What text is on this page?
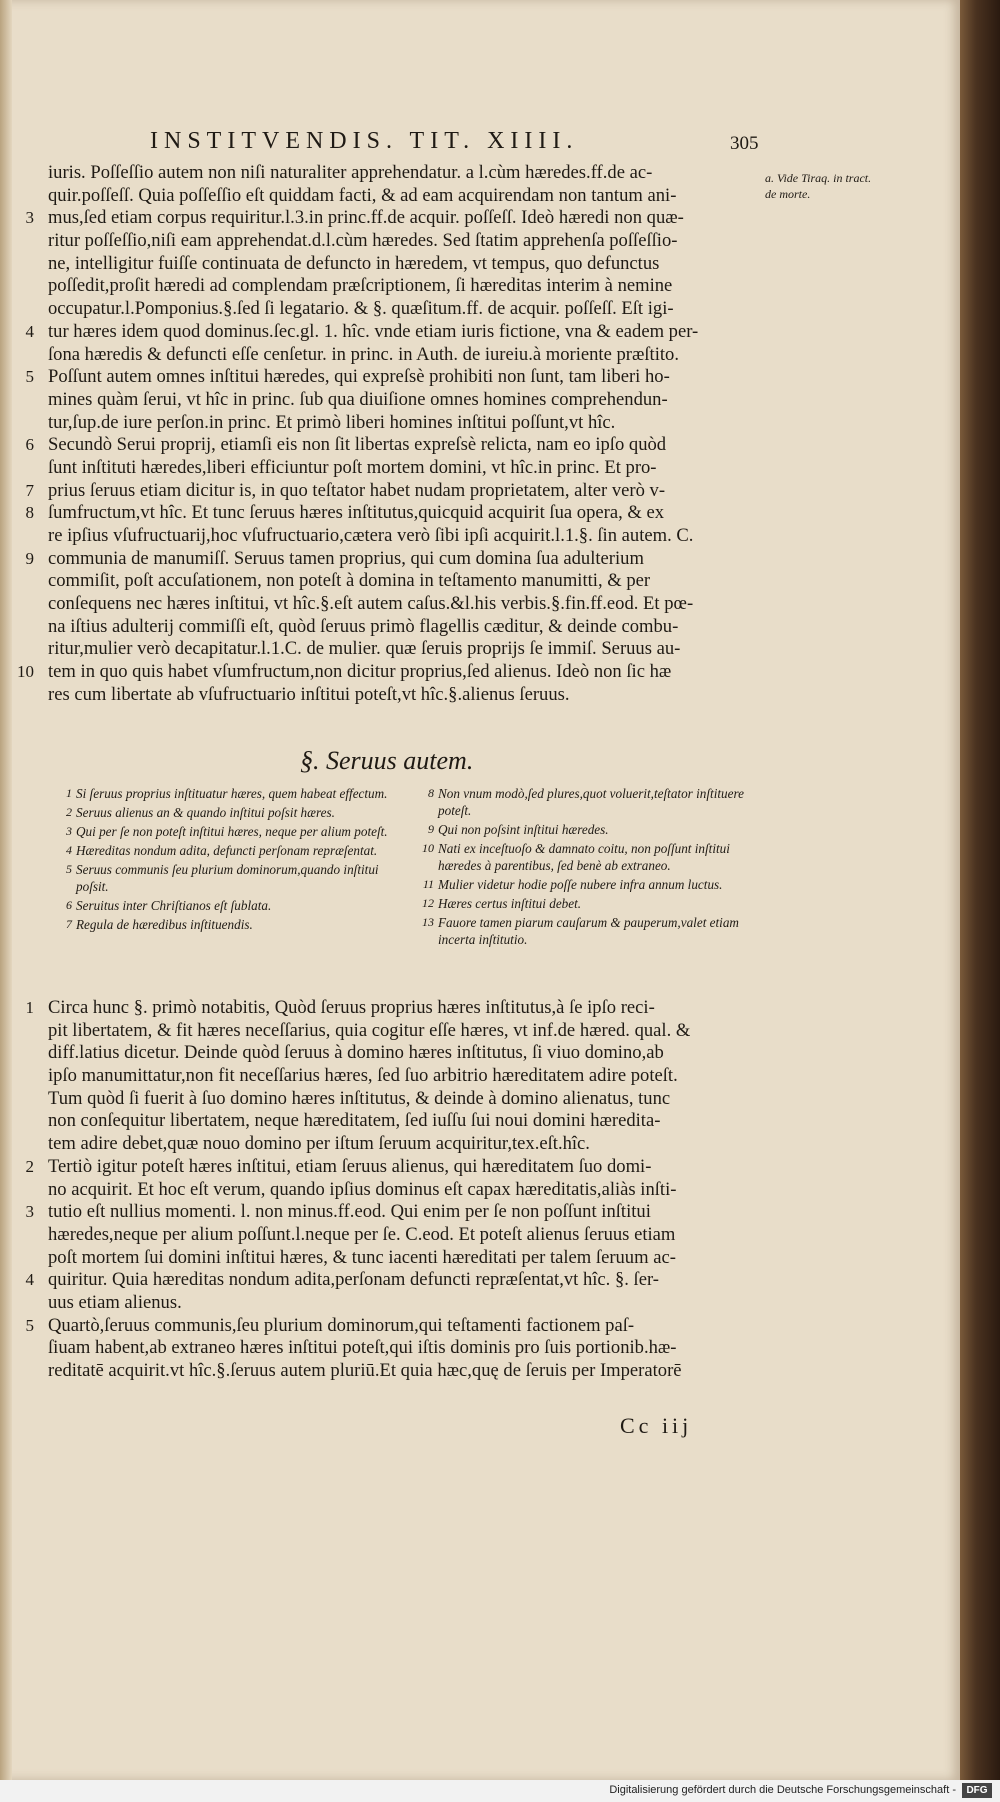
INSTITVENDIS. TIT. XIIII.	305
a. Vide Tiraq. in tract. de morte.
iuris. Poſſeſſio autem non niſi naturaliter apprehendatur. a l.cùm hæredes.ff.de ac-
quir.poſſeſſ. Quia poſſeſſio eſt quiddam facti, & ad eam acquirendam non tantum ani-
3 mus,ſed etiam corpus requiritur.l.3.in princ.ff.de acquir. poſſeſſ. Ideò hæredi non quæ-
ritur poſſeſſio,niſi eam apprehendat.d.l.cùm hæredes. Sed ſtatim apprehenſa poſſeſſio-
ne, intelligitur fuiſſe continuata de defuncto in hæredem, vt tempus, quo defunctus
poſſedit,proſit hæredi ad complendam præſcriptionem, ſi hæreditas interim à nemine
occupatur.l.Pomponius.§.ſed ſi legatario. & §. quæſitum.ff. de acquir. poſſeſſ. Eſt igi-
4 tur hæres idem quod dominus.ſec.gl. 1. hîc. vnde etiam iuris fictione, vna & eadem per-
ſona hæredis & defuncti eſſe cenſetur. in princ. in Auth. de iureiu.à moriente præſtito.
5 Poſſunt autem omnes inſtitui hæredes, qui expreſsè prohibiti non ſunt, tam liberi ho-
mines quàm ſerui, vt hîc in princ. ſub qua diuiſione omnes homines comprehendun-
tur,ſup.de iure perſon.in princ. Et primò liberi homines inſtitui poſſunt,vt hîc.
6 Secundò Serui proprij, etiamſi eis non ſit libertas expreſsè relicta, nam eo ipſo quòd
ſunt inſtituti hæredes,liberi efficiuntur poſt mortem domini, vt hîc.in princ. Et pro-
7 prius ſeruus etiam dicitur is, in quo teſtator habet nudam proprietatem, alter verò v-
8 ſumfructum,vt hîc. Et tunc ſeruus hæres inſtitutus,quicquid acquirit ſua opera, & ex
re ipſius vſufructuarij,hoc vſufructuario,cætera verò ſibi ipſi acquirit.l.1.§. ſin autem. C.
9 communia de manumiſſ. Seruus tamen proprius, qui cum domina ſua adulterium
commiſit, poſt accuſationem, non poteſt à domina in teſtamento manumitti, & per
conſequens nec hæres inſtitui, vt hîc.§.eſt autem caſus.&l.his verbis.§.fin.ff.eod. Et pœ-
na iſtius adulterij commiſſi eſt, quòd ſeruus primò flagellis cæditur, & deinde combu-
ritur,mulier verò decapitatur.l.1.C. de mulier. quæ ſeruis proprijs ſe immiſ. Seruus au-
10 tem in quo quis habet vſumfructum,non dicitur proprius,ſed alienus. Ideò non ſic hæ
res cum libertate ab vſufructuario inſtitui poteſt,vt hîc.§.alienus ſeruus.
§. Seruus autem.
1 Si ſeruus proprius inſtituatur hæres, quem habeat effectum.
2 Seruus alienus an & quando inſtitui poſsit hæres.
3 Qui per ſe non poteſt inſtitui hæres, neque per alium poteſt.
4 Hæreditas nondum adita, defuncti perſonam repræſentat.
5 Seruus communis ſeu plurium dominorum,quando inſtitui poſsit.
6 Seruitus inter Chriſtianos eſt ſublata.
7 Regula de hæredibus inſtituendis.
8 Non vnum modò,ſed plures,quot voluerit,teſtator inſtituere poteſt.
9 Qui non poſsint inſtitui hæredes.
10 Nati ex inceſtuoſo & damnato coitu, non poſſunt inſtitui hæredes à parentibus, ſed benè ab extraneo.
11 Mulier videtur hodie poſſe nubere infra annum luctus.
12 Hæres certus inſtitui debet.
13 Fauore tamen piarum cauſarum & pauperum,valet etiam incerta inſtitutio.
1 Circa hunc §. primò notabitis, Quòd ſeruus proprius hæres inſtitutus,à ſe ipſo reci-
pit libertatem, & fit hæres neceſſarius, quia cogitur eſſe hæres, vt inf.de hæred. qual. &
diff.latius dicetur. Deinde quòd ſeruus à domino hæres inſtitutus, ſi viuo domino,ab
ipſo manumittatur,non fit neceſſarius hæres, ſed ſuo arbitrio hæreditatem adire poteſt.
Tum quòd ſi fuerit à ſuo domino hæres inſtitutus, & deinde à domino alienatus, tunc
non conſequitur libertatem, neque hæreditatem, ſed iuſſu ſui noui domini hæredita-
tem adire debet,quæ nouo domino per iſtum ſeruum acquiritur,tex.eſt.hîc.
2 Tertiò igitur poteſt hæres inſtitui, etiam ſeruus alienus, qui hæreditatem ſuo domi-
no acquirit. Et hoc eſt verum, quando ipſius dominus eſt capax hæreditatis,aliàs inſti-
3 tutio eſt nullius momenti. l. non minus.ff.eod. Qui enim per ſe non poſſunt inſtitui
hæredes,neque per alium poſſunt.l.neque per ſe. C.eod. Et poteſt alienus ſeruus etiam
poſt mortem ſui domini inſtitui hæres, & tunc iacenti hæreditati per talem ſeruum ac-
4 quiritur. Quia hæreditas nondum adita,perſonam defuncti repræſentat,vt hîc. §. ſer-
uus etiam alienus.
5 Quartò,ſeruus communis,ſeu plurium dominorum,qui teſtamenti factionem paſ-
ſiuam habent,ab extraneo hæres inſtitui poteſt,qui iſtis dominis pro ſuis portionib.hæ-
reditatē acquirit.vt hîc.§.ſeruus autem pluriū.Et quia hæc,quę de ſeruis per Imperatorē
Cc iij
Digitalisierung gefördert durch die Deutsche Forschungsgemeinschaft -	DFG
